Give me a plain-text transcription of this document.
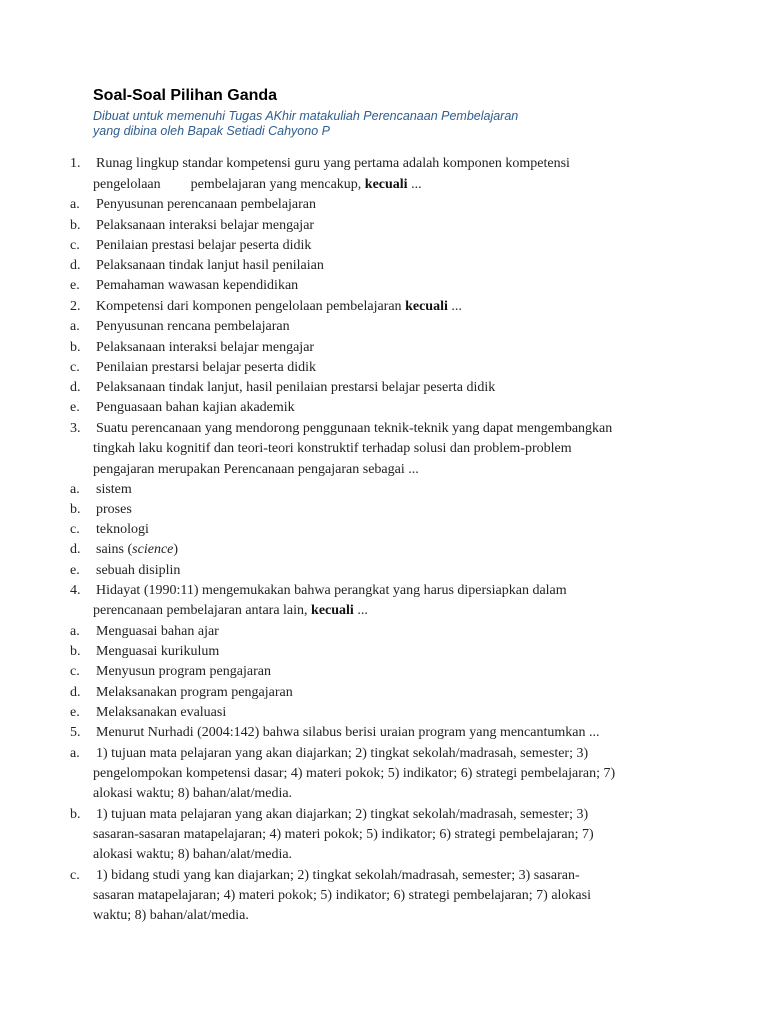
Soal-Soal Pilihan Ganda
Dibuat untuk memenuhi Tugas AKhir matakuliah Perencanaan Pembelajaran
yang dibina oleh Bapak Setiadi Cahyono P
1. Runag lingkup standar kompetensi guru yang pertama adalah komponen kompetensi
pengelolaan pembelajaran yang mencakup, kecuali ...
a. Penyusunan perencanaan pembelajaran
b. Pelaksanaan interaksi belajar mengajar
c. Penilaian prestasi belajar peserta didik
d. Pelaksanaan tindak lanjut hasil penilaian
e. Pemahaman wawasan kependidikan
2. Kompetensi dari komponen pengelolaan pembelajaran kecuali ...
a. Penyusunan rencana pembelajaran
b. Pelaksanaan interaksi belajar mengajar
c. Penilaian prestarsi belajar peserta didik
d. Pelaksanaan tindak lanjut, hasil penilaian prestarsi belajar peserta didik
e. Penguasaan bahan kajian akademik
3. Suatu perencanaan yang mendorong penggunaan teknik-teknik yang dapat mengembangkan
tingkah laku kognitif dan teori-teori konstruktif terhadap solusi dan problem-problem
pengajaran merupakan Perencanaan pengajaran sebagai ...
a. sistem
b. proses
c. teknologi
d. sains (science)
e. sebuah disiplin
4. Hidayat (1990:11) mengemukakan bahwa perangkat yang harus dipersiapkan dalam
perencanaan pembelajaran antara lain, kecuali ...
a. Menguasai bahan ajar
b. Menguasai kurikulum
c. Menyusun program pengajaran
d. Melaksanakan program pengajaran
e. Melaksanakan evaluasi
5. Menurut Nurhadi (2004:142) bahwa silabus berisi uraian program yang mencantumkan ...
a. 1) tujuan mata pelajaran yang akan diajarkan; 2) tingkat sekolah/madrasah, semester; 3)
pengelompokan kompetensi dasar; 4) materi pokok; 5) indikator; 6) strategi pembelajaran; 7)
alokasi waktu; 8) bahan/alat/media.
b. 1) tujuan mata pelajaran yang akan diajarkan; 2) tingkat sekolah/madrasah, semester; 3)
sasaran-sasaran matapelajaran; 4) materi pokok; 5) indikator; 6) strategi pembelajaran; 7)
alokasi waktu; 8) bahan/alat/media.
c. 1) bidang studi yang kan diajarkan; 2) tingkat sekolah/madrasah, semester; 3) sasaran-
sasaran matapelajaran; 4) materi pokok; 5) indikator; 6) strategi pembelajaran; 7) alokasi
waktu; 8) bahan/alat/media.
